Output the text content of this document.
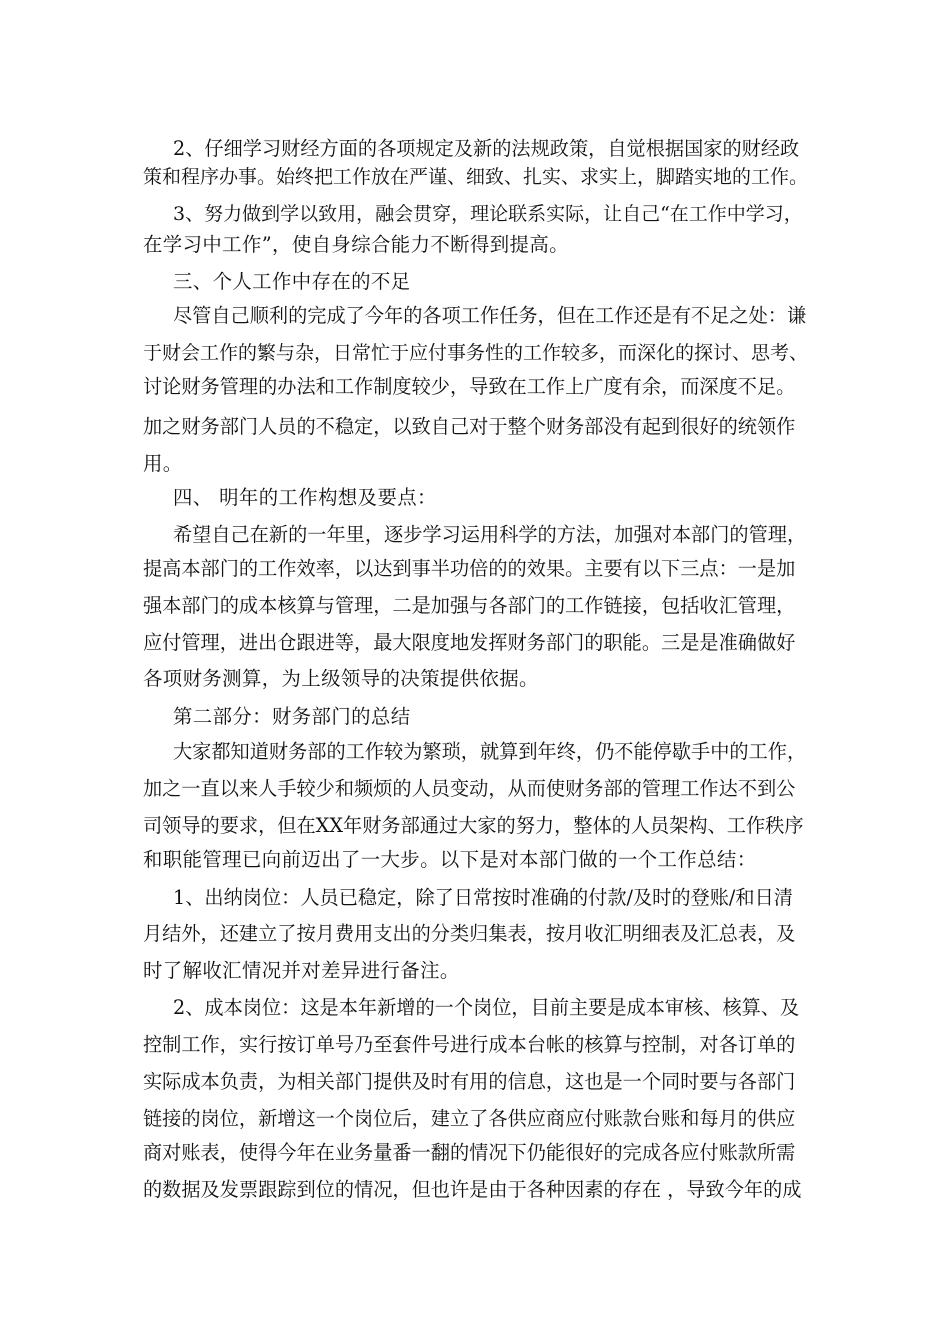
2、仔细学习财经方面的各项规定及新的法规政策，自觉根据国家的财经政
策和程序办事。始终把工作放在严谨、细致、扎实、求实上，脚踏实地的工作。
3、努力做到学以致用，融会贯穿，理论联系实际，让自己“在工作中学习，
在学习中工作”，使自身综合能力不断得到提高。
三、个人工作中存在的不足
尽管自己顺利的完成了今年的各项工作任务，但在工作还是有不足之处：谦
于财会工作的繁与杂，日常忙于应付事务性的工作较多，而深化的探讨、思考、
讨论财务管理的办法和工作制度较少，导致在工作上广度有余，而深度不足。
加之财务部门人员的不稳定，以致自己对于整个财务部没有起到很好的统领作
用。
四、 明年的工作构想及要点：
希望自己在新的一年里，逐步学习运用科学的方法，加强对本部门的管理，
提高本部门的工作效率，以达到事半功倍的的效果。主要有以下三点：一是加
强本部门的成本核算与管理，二是加强与各部门的工作链接，包括收汇管理，
应付管理，进出仓跟进等，最大限度地发挥财务部门的职能。三是是准确做好
各项财务测算，为上级领导的决策提供依据。
第二部分：财务部门的总结
大家都知道财务部的工作较为繁琐，就算到年终，仍不能停歇手中的工作，
加之一直以来人手较少和频烦的人员变动，从而使财务部的管理工作达不到公
司领导的要求，但在XX年财务部通过大家的努力，整体的人员架构、工作秩序
和职能管理已向前迈出了一大步。以下是对本部门做的一个工作总结：
1、出纳岗位：人员已稳定，除了日常按时准确的付款/及时的登账/和日清
月结外，还建立了按月费用支出的分类归集表，按月收汇明细表及汇总表，及
时了解收汇情况并对差异进行备注。
2、成本岗位：这是本年新增的一个岗位，目前主要是成本审核、核算、及
控制工作，实行按订单号乃至套件号进行成本台帐的核算与控制，对各订单的
实际成本负责，为相关部门提供及时有用的信息，这也是一个同时要与各部门
链接的岗位，新增这一个岗位后，建立了各供应商应付账款台账和每月的供应
商对账表，使得今年在业务量番一翻的情况下仍能很好的完成各应付账款所需
的数据及发票跟踪到位的情况，但也许是由于各种因素的存在 ，导致今年的成
